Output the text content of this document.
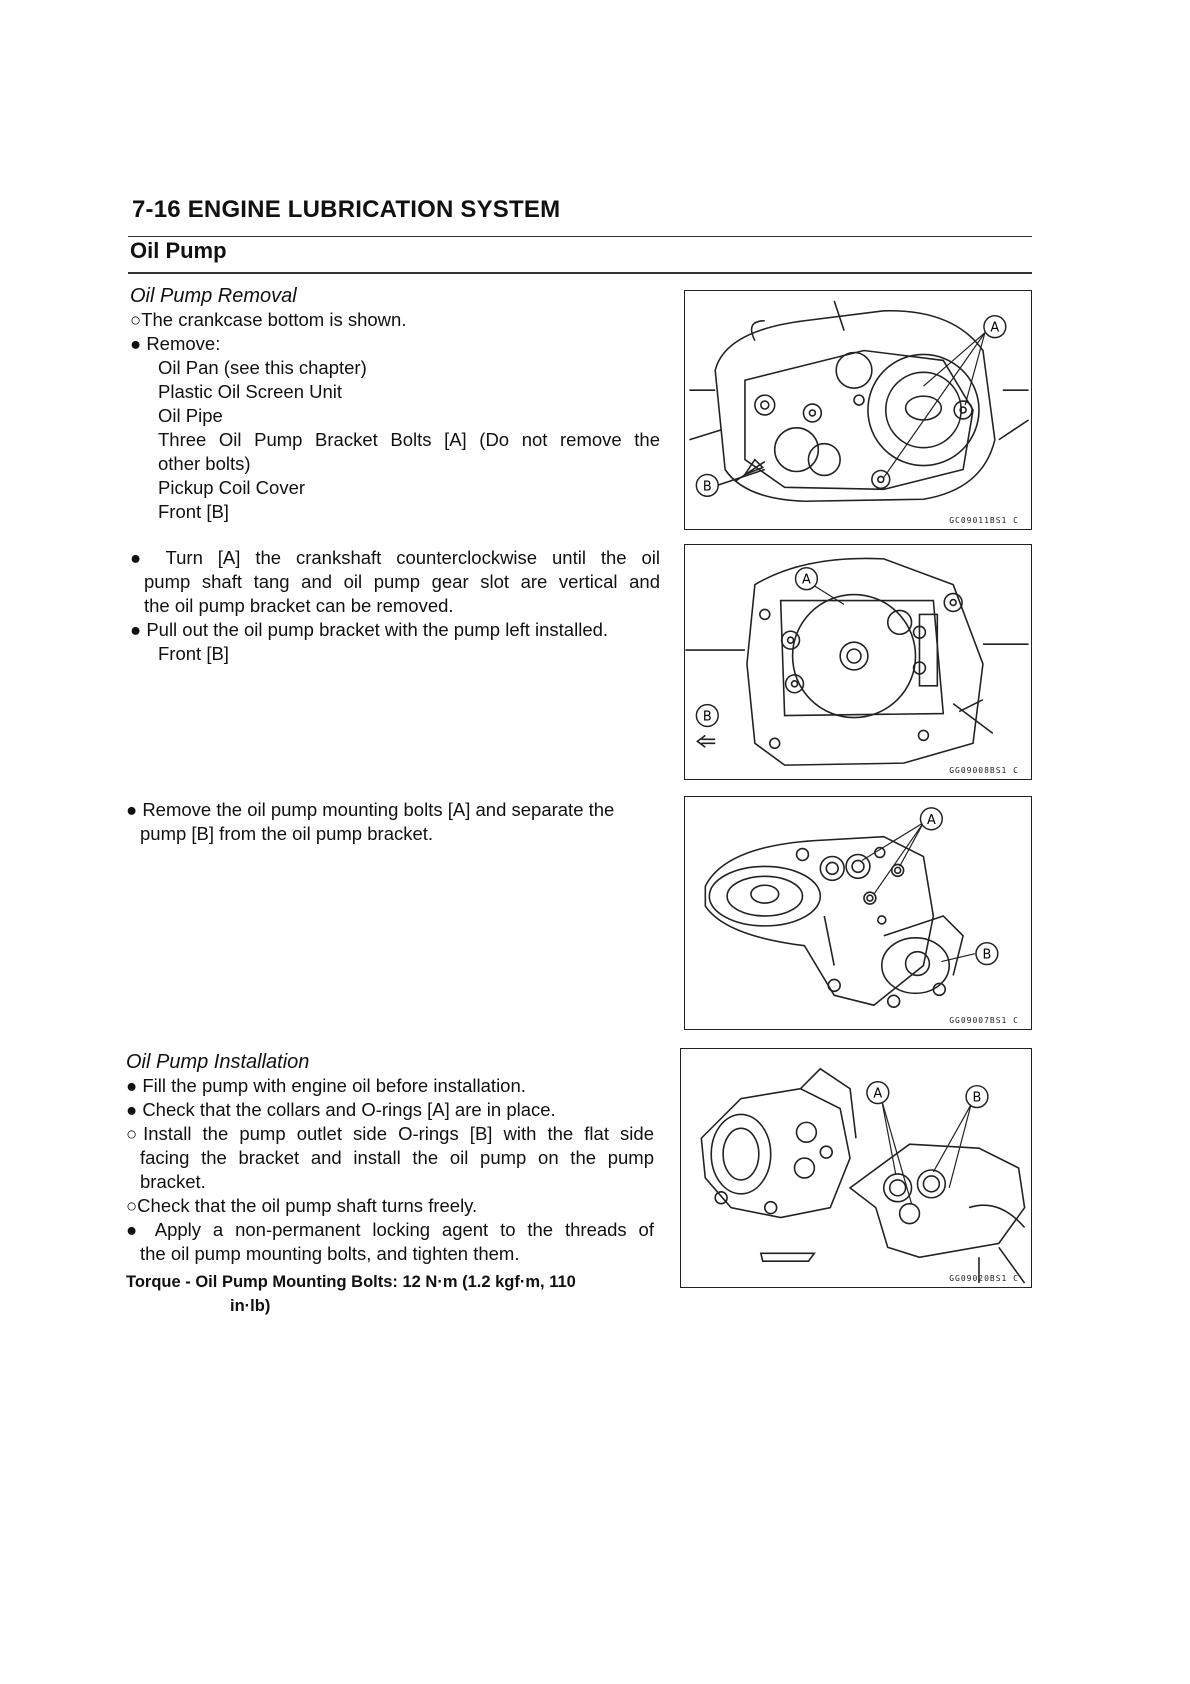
7-16 ENGINE LUBRICATION SYSTEM
Oil Pump
Oil Pump Removal
○The crankcase bottom is shown.
● Remove:
Oil Pan (see this chapter)
Plastic Oil Screen Unit
Oil Pipe
Three Oil Pump Bracket Bolts [A] (Do not remove the
other bolts)
Pickup Coil Cover
Front [B]
● Turn [A] the crankshaft counterclockwise until the oil
pump shaft tang and oil pump gear slot are vertical and
the oil pump bracket can be removed.
● Pull out the oil pump bracket with the pump left installed.
Front [B]
● Remove the oil pump mounting bolts [A] and separate the
pump [B] from the oil pump bracket.
Oil Pump Installation
● Fill the pump with engine oil before installation.
● Check that the collars and O-rings [A] are in place.
○Install the pump outlet side O-rings [B] with the flat side
facing the bracket and install the oil pump on the pump
bracket.
○Check that the oil pump shaft turns freely.
● Apply a non-permanent locking agent to the threads of
the oil pump mounting bolts, and tighten them.
Torque - Oil Pump Mounting Bolts: 12 N·m (1.2 kgf·m, 110
in·lb)
A
B
GC09011BS1 C
A
B
GG09008BS1 C
A
B
GG09007BS1 C
A	B
GG09020BS1 C
